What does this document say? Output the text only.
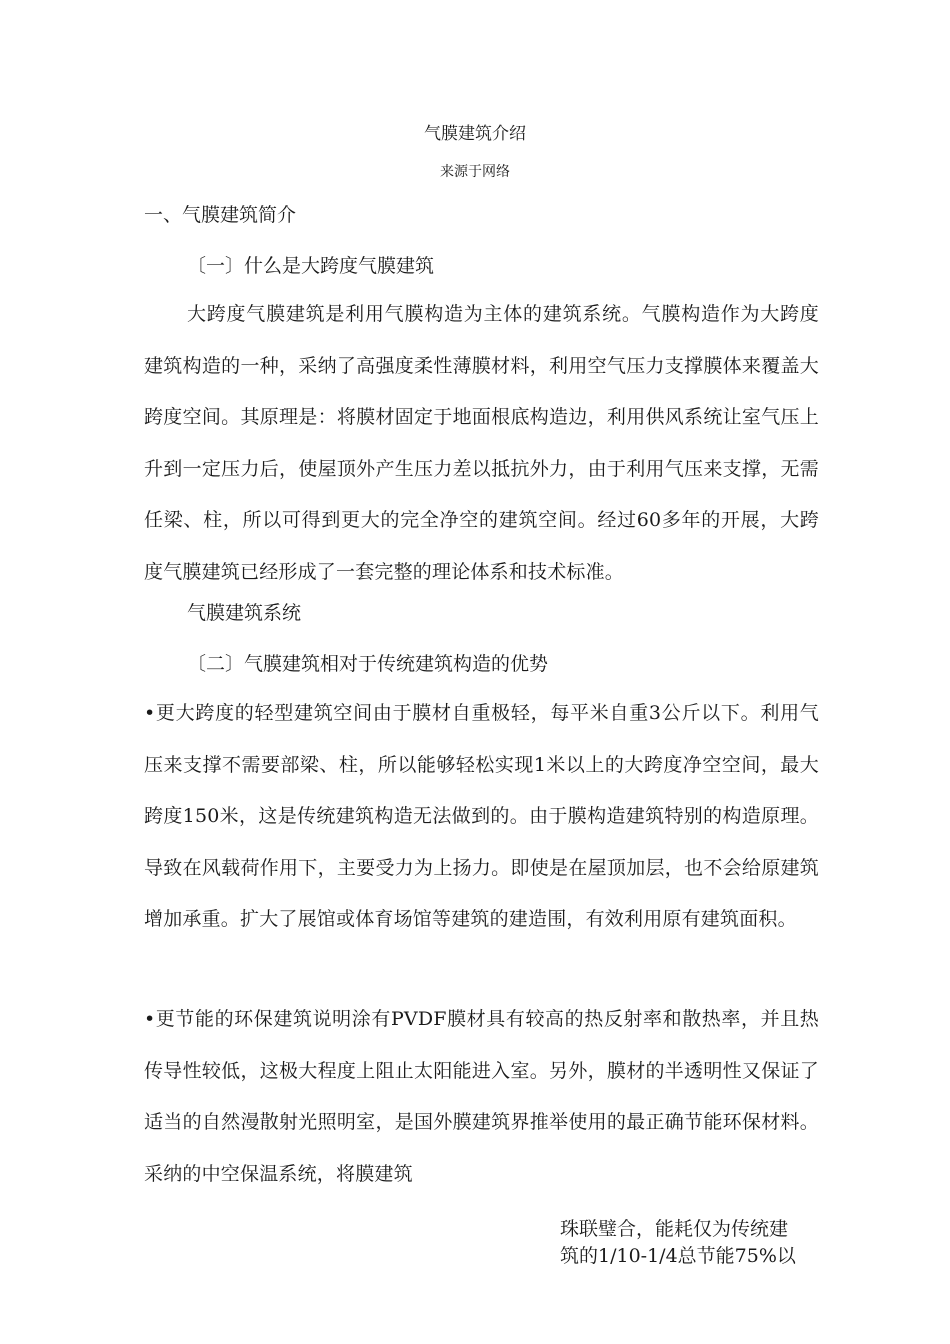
气膜建筑介绍
来源于网络
一、气膜建筑简介
〔一〕什么是大跨度气膜建筑
大跨度气膜建筑是利用气膜构造为主体的建筑系统。气膜构造作为大跨度建筑构造的一种，采纳了高强度柔性薄膜材料，利用空气压力支撑膜体来覆盖大跨度空间。其原理是：将膜材固定于地面根底构造边，利用供风系统让室气压上升到一定压力后，使屋顶外产生压力差以抵抗外力，由于利用气压来支撑，无需任梁、柱，所以可得到更大的完全净空的建筑空间。经过60多年的开展，大跨度气膜建筑已经形成了一套完整的理论体系和技术标准。
气膜建筑系统
〔二〕气膜建筑相对于传统建筑构造的优势
•更大跨度的轻型建筑空间由于膜材自重极轻，每平米自重3公斤以下。利用气压来支撑不需要部梁、柱，所以能够轻松实现1米以上的大跨度净空空间，最大跨度150米，这是传统建筑构造无法做到的。由于膜构造建筑特别的构造原理。导致在风载荷作用下，主要受力为上扬力。即使是在屋顶加层，也不会给原建筑增加承重。扩大了展馆或体育场馆等建筑的建造围，有效利用原有建筑面积。
•更节能的环保建筑说明涂有PVDF膜材具有较高的热反射率和散热率，并且热传导性较低，这极大程度上阻止太阳能进入室。另外，膜材的半透明性又保证了适当的自然漫散射光照明室，是国外膜建筑界推举使用的最正确节能环保材料。采纳的中空保温系统，将膜建筑
珠联璧合，能耗仅为传统建
筑的1/10-1/4总节能75%以
